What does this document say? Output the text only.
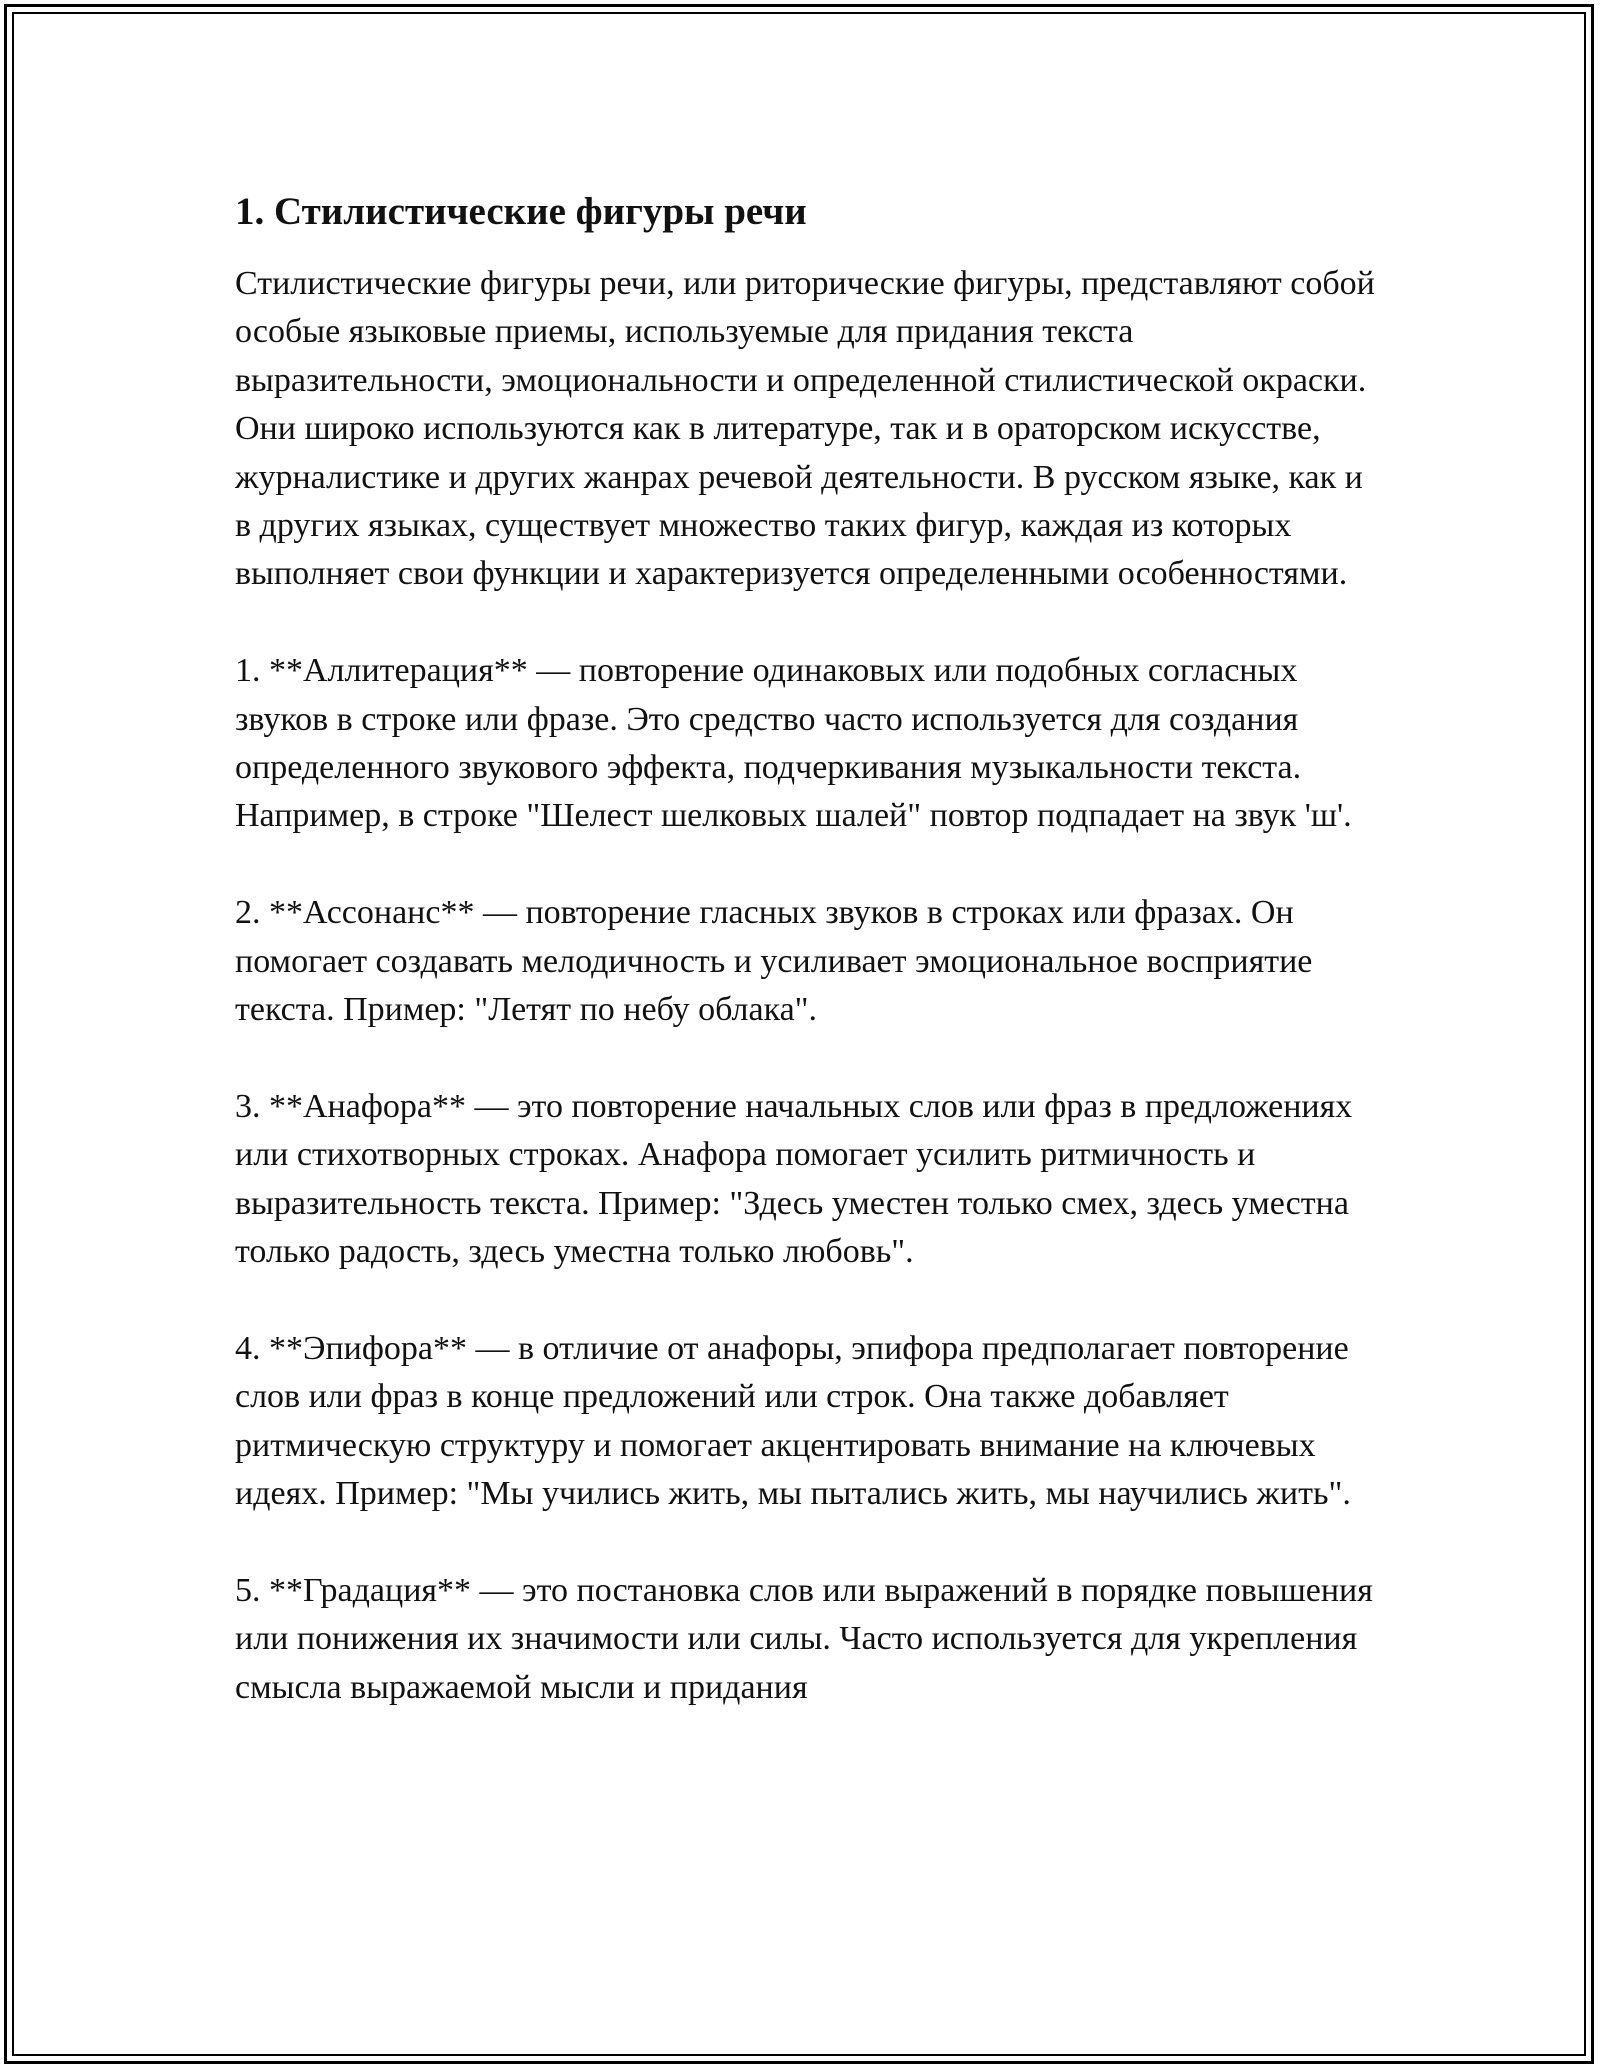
1. Стилистические фигуры речи

Стилистические фигуры речи, или риторические фигуры, представляют собой особые языковые приемы, используемые для придания текста выразительности, эмоциональности и определенной стилистической окраски. Они широко используются как в литературе, так и в ораторском искусстве, журналистике и других жанрах речевой деятельности. В русском языке, как и в других языках, существует множество таких фигур, каждая из которых выполняет свои функции и характеризуется определенными особенностями.

1. **Аллитерация** — повторение одинаковых или подобных согласных звуков в строке или фразе. Это средство часто используется для создания определенного звукового эффекта, подчеркивания музыкальности текста. Например, в строке "Шелест шелковых шалей" повтор подпадает на звук 'ш'.

2. **Ассонанс** — повторение гласных звуков в строках или фразах. Он помогает создавать мелодичность и усиливает эмоциональное восприятие текста. Пример: "Летят по небу облака".

3. **Анафора** — это повторение начальных слов или фраз в предложениях или стихотворных строках. Анафора помогает усилить ритмичность и выразительность текста. Пример: "Здесь уместен только смех, здесь уместна только радость, здесь уместна только любовь".

4. **Эпифора** — в отличие от анафоры, эпифора предполагает повторение слов или фраз в конце предложений или строк. Она также добавляет ритмическую структуру и помогает акцентировать внимание на ключевых идеях. Пример: "Мы учились жить, мы пытались жить, мы научились жить".

5. **Градация** — это постановка слов или выражений в порядке повышения или понижения их значимости или силы. Часто используется для укрепления смысла выражаемой мысли и придания
